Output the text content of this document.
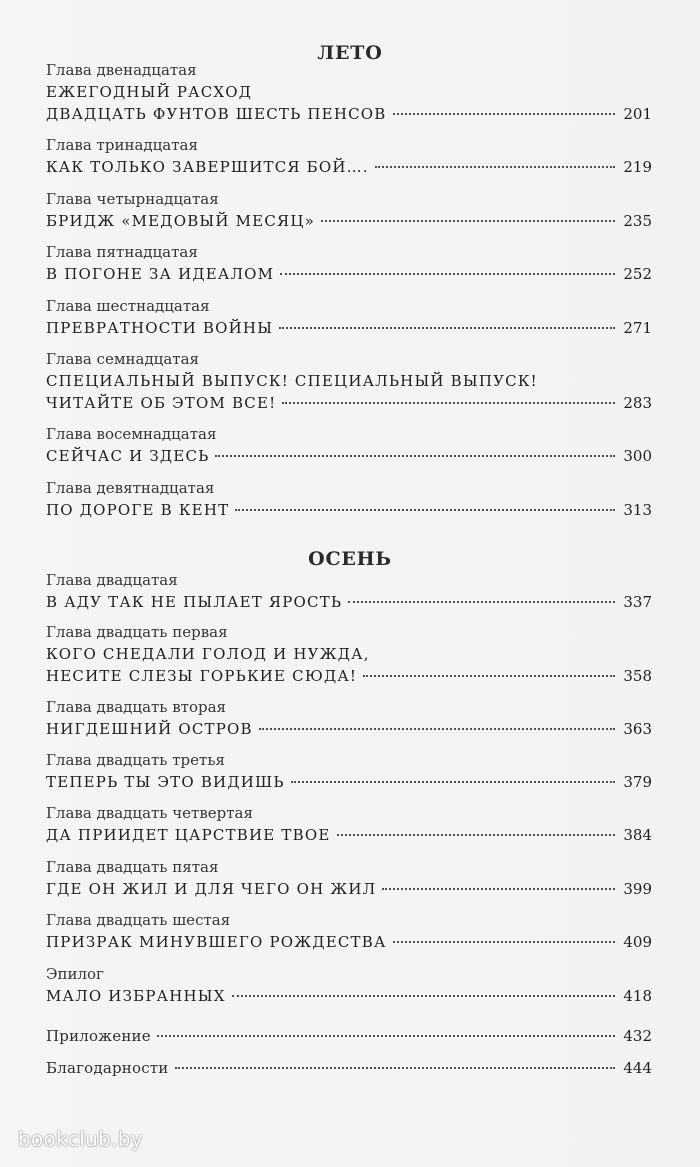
ЛЕТО
Глава двенадцатая
ЕЖЕГОДНЫЙ РАСХОД
ДВАДЦАТЬ ФУНТОВ ШЕСТЬ ПЕНСОВ	201
Глава тринадцатая
КАК ТОЛЬКО ЗАВЕРШИТСЯ БОЙ….	219
Глава четырнадцатая
БРИДЖ «МЕДОВЫЙ МЕСЯЦ»	235
Глава пятнадцатая
В ПОГОНЕ ЗА ИДЕАЛОМ	252
Глава шестнадцатая
ПРЕВРАТНОСТИ ВОЙНЫ	271
Глава семнадцатая
СПЕЦИАЛЬНЫЙ ВЫПУСК! СПЕЦИАЛЬНЫЙ ВЫПУСК!
ЧИТАЙТЕ ОБ ЭТОМ ВСЕ!	283
Глава восемнадцатая
СЕЙЧАС И ЗДЕСЬ	300
Глава девятнадцатая
ПО ДОРОГЕ В КЕНТ	313
ОСЕНЬ
Глава двадцатая
В АДУ ТАК НЕ ПЫЛАЕТ ЯРОСТЬ	337
Глава двадцать первая
КОГО СНЕДАЛИ ГОЛОД И НУЖДА,
НЕСИТЕ СЛЕЗЫ ГОРЬКИЕ СЮДА!	358
Глава двадцать вторая
НИГДЕШНИЙ ОСТРОВ	363
Глава двадцать третья
ТЕПЕРЬ ТЫ ЭТО ВИДИШЬ	379
Глава двадцать четвертая
ДА ПРИИДЕТ ЦАРСТВИЕ ТВОЕ	384
Глава двадцать пятая
ГДЕ ОН ЖИЛ И ДЛЯ ЧЕГО ОН ЖИЛ	399
Глава двадцать шестая
ПРИЗРАК МИНУВШЕГО РОЖДЕСТВА	409
Эпилог
МАЛО ИЗБРАННЫХ	418
Приложение	432
Благодарности	444
bookclub.by
